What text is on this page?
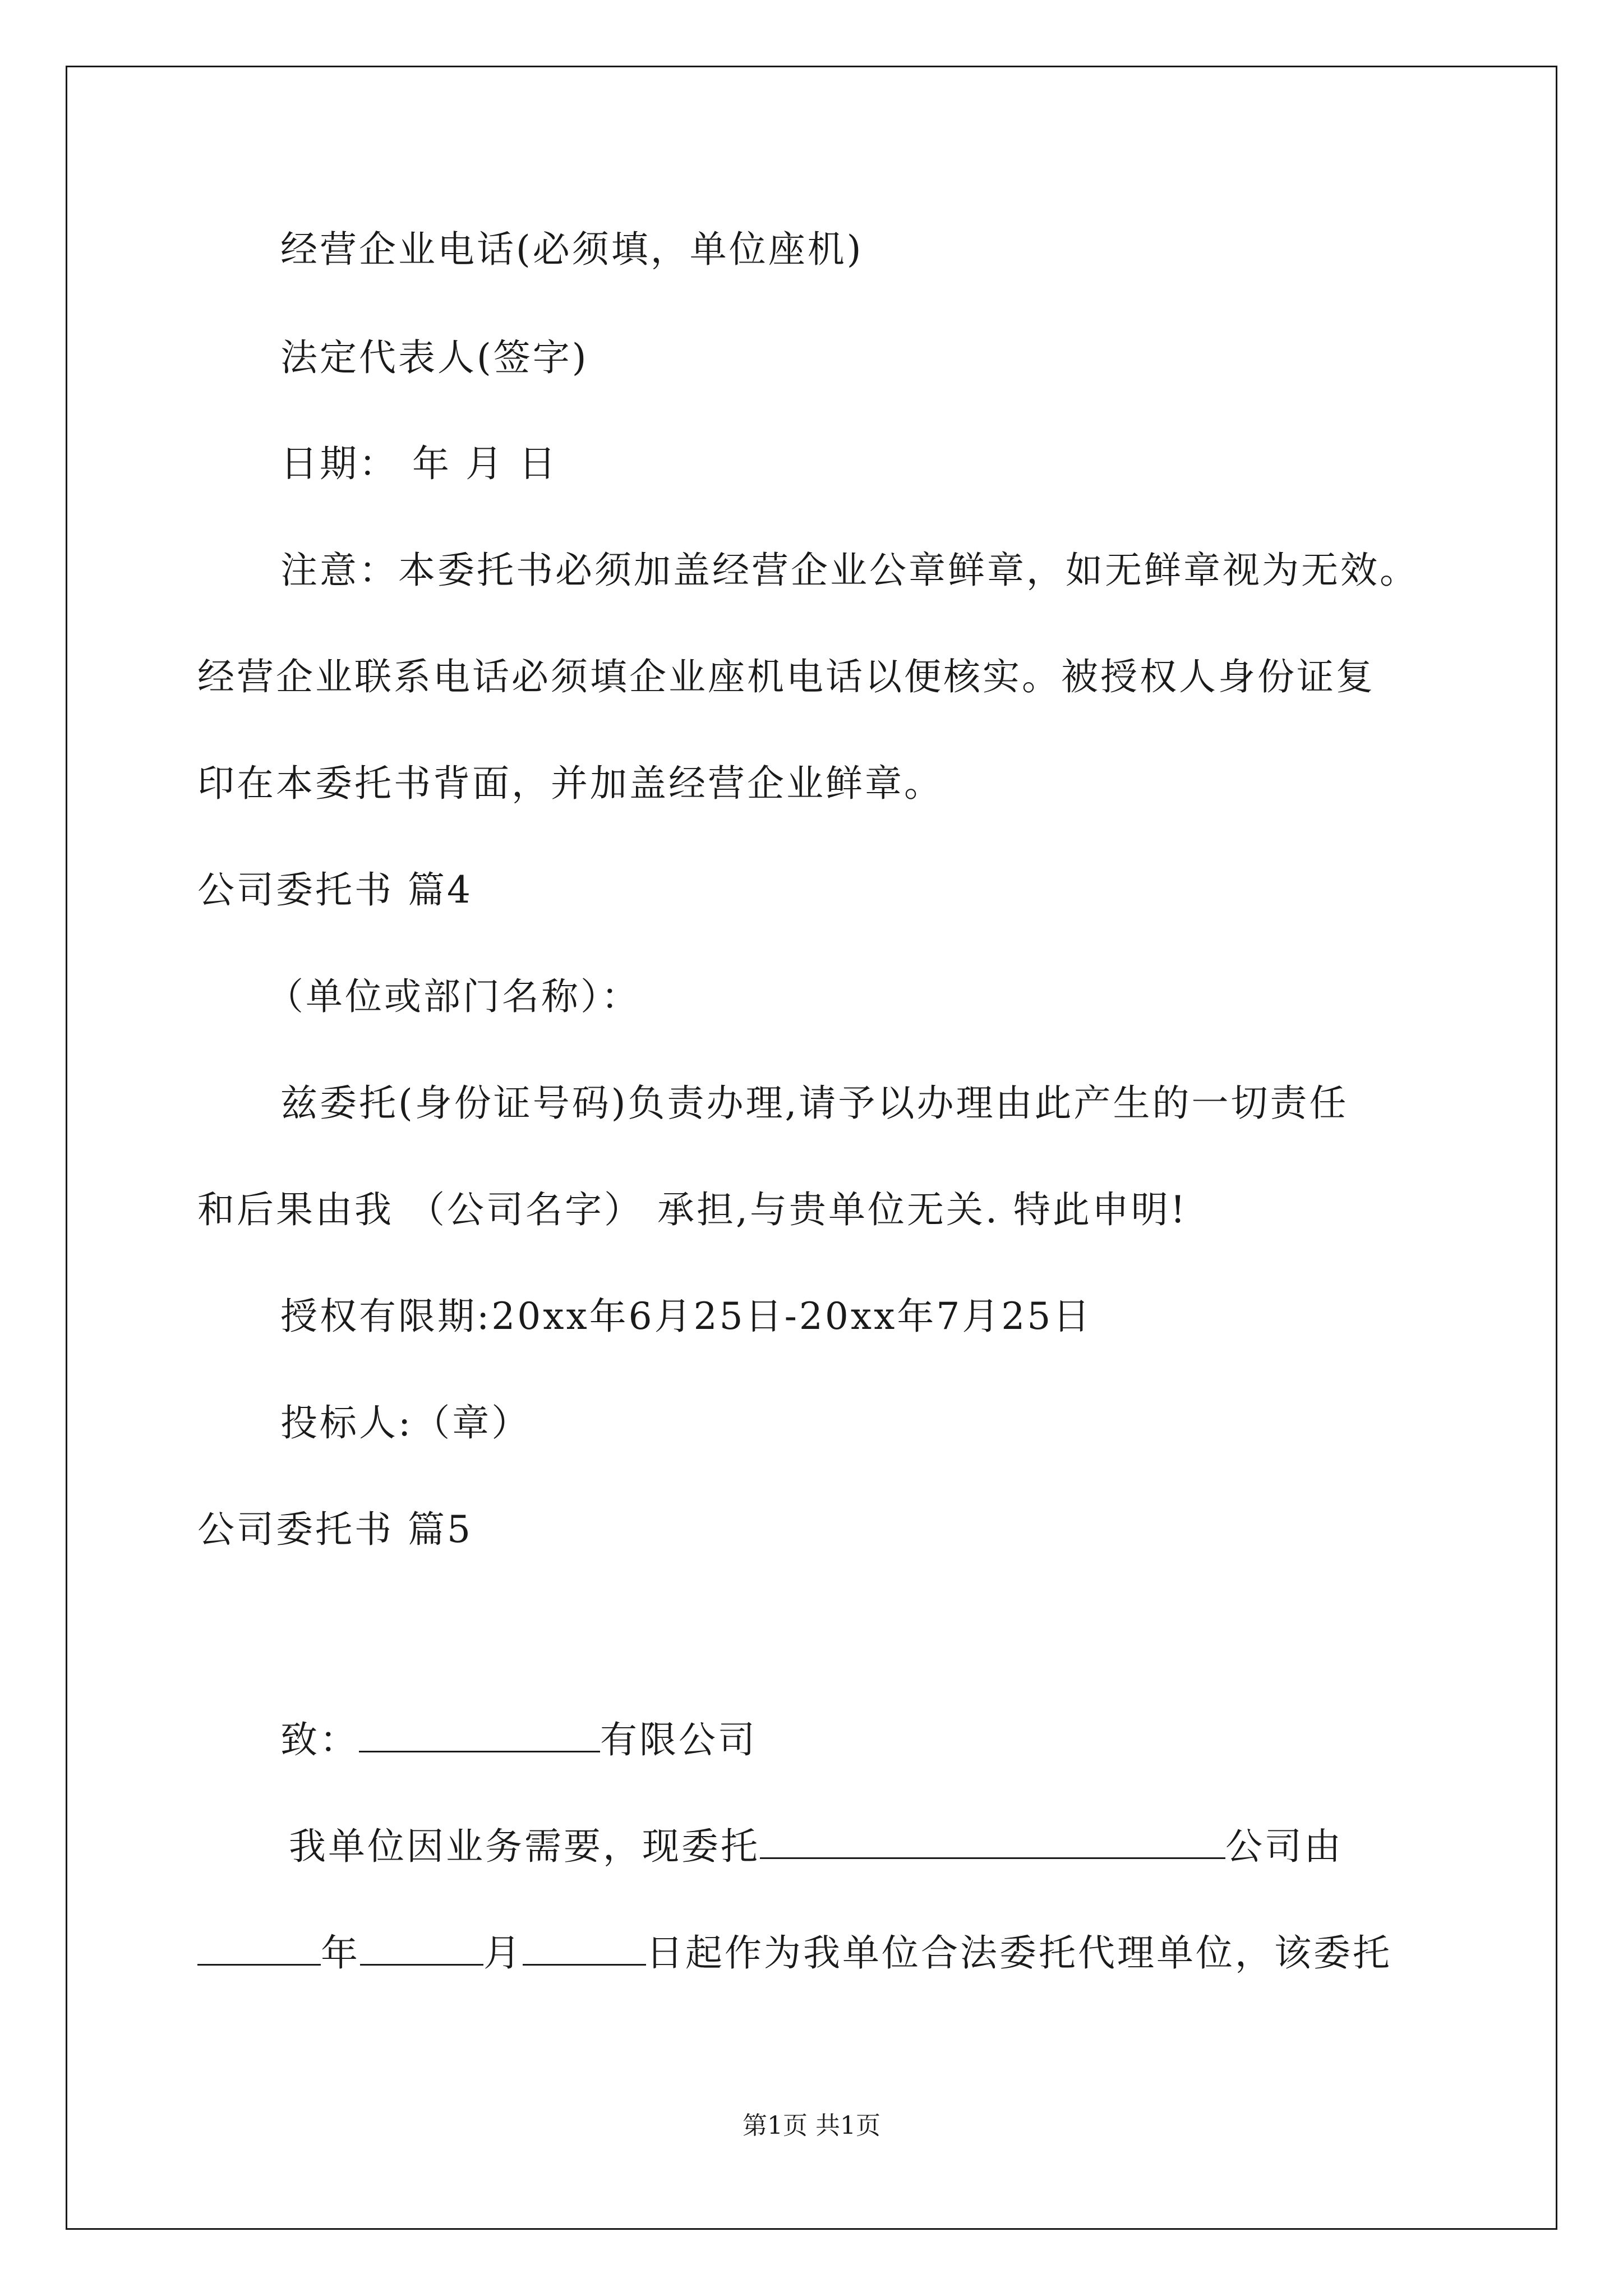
经营企业电话(必须填，单位座机)
法定代表人(签字)
日期： 年 月 日
注意：本委托书必须加盖经营企业公章鲜章，如无鲜章视为无效。
经营企业联系电话必须填企业座机电话以便核实。被授权人身份证复
印在本委托书背面，并加盖经营企业鲜章。
公司委托书 篇4
（单位或部门名称）：
兹委托(身份证号码)负责办理,请予以办理由此产生的一切责任
和后果由我 （公司名字） 承担,与贵单位无关. 特此申明!
授权有限期:20xx年6月25日-20xx年7月25日
投标人:（章）
公司委托书 篇5
致：	有限公司
我单位因业务需要，现委托	公司由
年	月	日起作为我单位合法委托代理单位，该委托
第1页 共1页
